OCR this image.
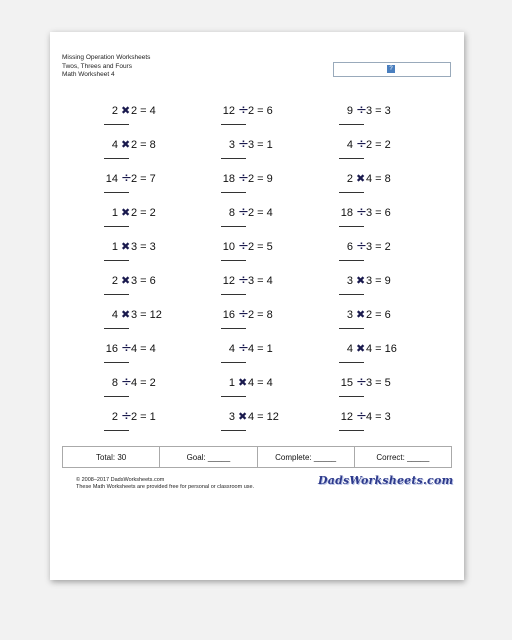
Missing Operation Worksheets
Twos, Threes and Fours
Math Worksheet 4
?
2 ✖ 2 = 4
4 ✖ 2 = 8
14 ÷ 2 = 7
1 ✖ 2 = 2
1 ✖ 3 = 3
2 ✖ 3 = 6
4 ✖ 3 = 12
16 ÷ 4 = 4
8 ÷ 4 = 2
2 ÷ 2 = 1
12 ÷ 2 = 6
3 ÷ 3 = 1
18 ÷ 2 = 9
8 ÷ 2 = 4
10 ÷ 2 = 5
12 ÷ 3 = 4
16 ÷ 2 = 8
4 ÷ 4 = 1
1 ✖ 4 = 4
3 ✖ 4 = 12
9 ÷ 3 = 3
4 ÷ 2 = 2
2 ✖ 4 = 8
18 ÷ 3 = 6
6 ÷ 3 = 2
3 ✖ 3 = 9
3 ✖ 2 = 6
4 ✖ 4 = 16
15 ÷ 3 = 5
12 ÷ 4 = 3
Total: 30	Goal: _____	Complete: _____	Correct: _____
© 2008–2017 DadsWorksheets.com
These Math Worksheets are provided free for personal or classroom use.	DadsWorksheets.com
